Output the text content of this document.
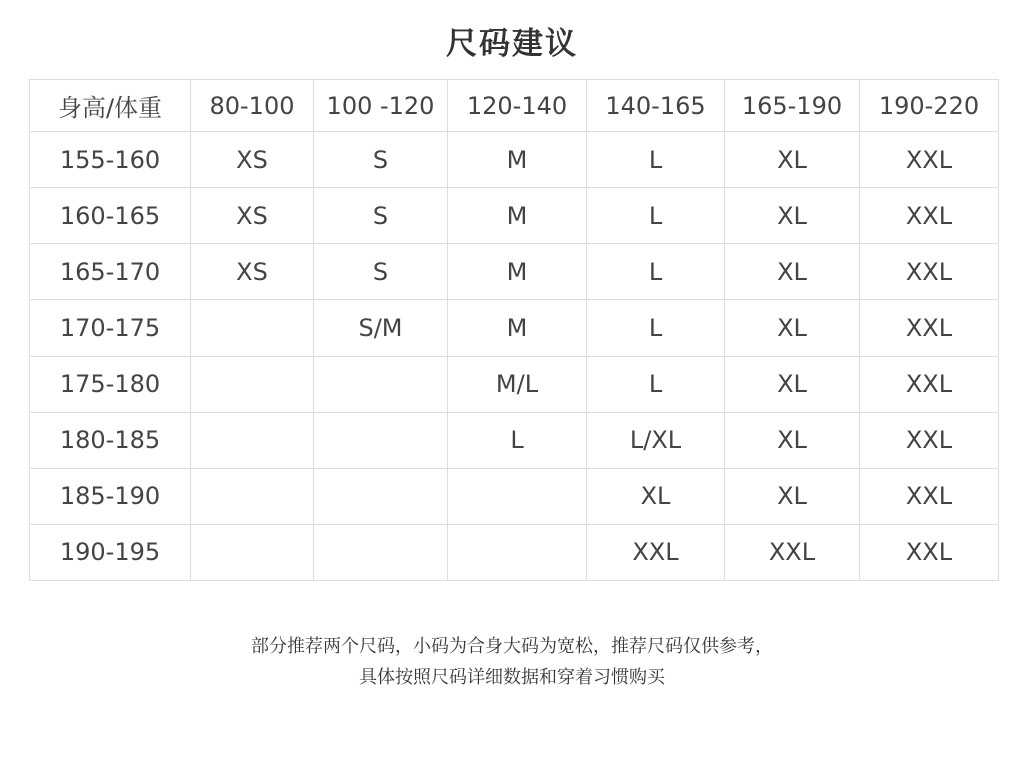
尺码建议
身高/体重	80-100	100 -120	120-140	140-165	165-190	190-220
155-160	XS	S	M	L	XL	XXL
160-165	XS	S	M	L	XL	XXL
165-170	XS	S	M	L	XL	XXL
170-175		S/M	M	L	XL	XXL
175-180			M/L	L	XL	XXL
180-185			L	L/XL	XL	XXL
185-190				XL	XL	XXL
190-195				XXL	XXL	XXL
部分推荐两个尺码，小码为合身大码为宽松，推荐尺码仅供参考，
具体按照尺码详细数据和穿着习惯购买
